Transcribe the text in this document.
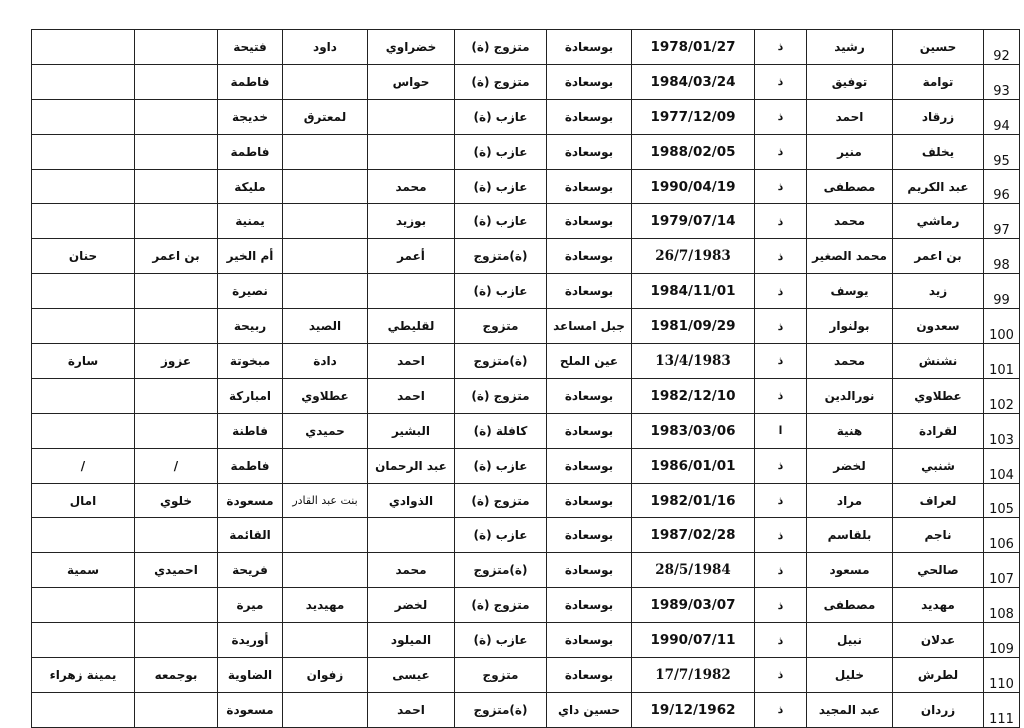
92	حسين	رشيد	ذ	1978/01/27	بوسعادة	متزوج (ة)	خضراوي	داود	فتيحة		
93	توامة	توفيق	ذ	1984/03/24	بوسعادة	متزوج (ة)	حواس		فاطمة		
94	زرقاد	احمد	ذ	1977/12/09	بوسعادة	عازب (ة)		لمعترق	خديجة		
95	يخلف	منير	ذ	1988/02/05	بوسعادة	عازب (ة)			فاطمة		
96	عبد الكريم	مصطفى	ذ	1990/04/19	بوسعادة	عازب (ة)	محمد		مليكة		
97	رماشي	محمد	ذ	1979/07/14	بوسعادة	عازب (ة)	بوزيد		يمنية		
98	بن اعمر	محمد الصغير	ذ	26/7/1983	بوسعادة	(ة)متزوج	أعمر		أم الخير	بن اعمر	حنان
99	زيد	يوسف	ذ	1984/11/01	بوسعادة	عازب (ة)			نصيرة		
100	سعدون	بولنوار	ذ	1981/09/29	جبل امساعد	متزوج	لقليطي	الصيد	ربيحة		
101	نشنش	محمد	ذ	13/4/1983	عين الملح	(ة)متزوج	احمد	دادة	مبخوتة	عزوز	سارة
102	عطلاوي	نورالدين	ذ	1982/12/10	بوسعادة	متزوج (ة)	احمد	عطلاوي	امباركة		
103	لقرادة	هنية	ا	1983/03/06	بوسعادة	كافلة (ة)	البشير	حميدي	فاطنة		
104	شنبي	لخضر	ذ	1986/01/01	بوسعادة	عازب (ة)	عبد الرحمان		فاطمة	/	/
105	لعراف	مراد	ذ	1982/01/16	بوسعادة	متزوج (ة)	الذوادي	بنت عبد القادر	مسعودة	خلوي	امال
106	ناجم	بلقاسم	ذ	1987/02/28	بوسعادة	عازب (ة)			القائمة		
107	صالحي	مسعود	ذ	28/5/1984	بوسعادة	(ة)متزوج	محمد		فريحة	احميدي	سمية
108	مهديد	مصطفى	ذ	1989/03/07	بوسعادة	متزوج (ة)	لخضر	مهيديد	ميرة		
109	عدلان	نبيل	ذ	1990/07/11	بوسعادة	عازب (ة)	الميلود		أوريدة		
110	لطرش	خليل	ذ	17/7/1982	بوسعادة	متزوج	عيسى	زفوان	الضاوية	بوجمعه	يمينة زهراء
111	زردان	عبد المجيد	ذ	19/12/1962	حسين داي	(ة)متزوج	احمد		مسعودة		
